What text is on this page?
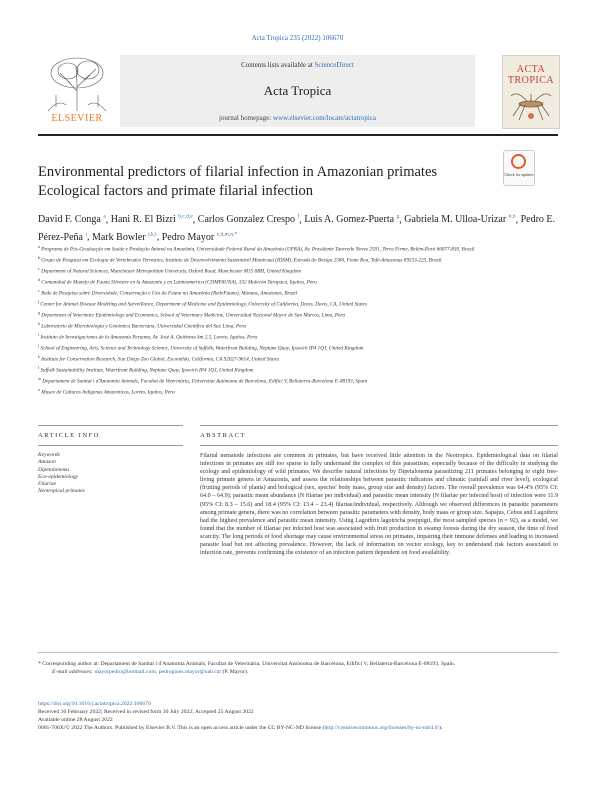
Acta Tropica 235 (2022) 106670
ELSEVIER
Contents lists available at ScienceDirect
Acta Tropica
journal homepage: www.elsevier.com/locate/actatropica
ACTA TROPICA
Environmental predictors of filarial infection in Amazonian primates
Ecological factors and primate filarial infection
Check for updates
David F. Conga $^a$, Hani R. El Bizri $^{b,c,d,e}$, Carlos Gonzalez Crespo $^f$, Luis A. Gomez-Puerta $^g$, Gabriela M. Ulloa-Urizar $^{h,b}$, Pedro E. Pérez-Peña $^i$, Mark Bowler $^{j,k,l}$, Pedro Mayor $^{c,d,m,n,*}$
$^a$ Programa de Pós-Graduação em Saúde e Produção Animal na Amazônia, Universidade Federal Rural da Amazônia (UFRA), Av. Presidente Tancredo Neves 2501, Terra Firme, Belém-Pará 66077-830, Brazil
$^b$ Grupo de Pesquisa em Ecologia de Vertebrados Terrestres, Instituto de Desenvolvimento Sustentável Mamirauá (IDSM), Estrada do Bexiga 2584, Fonte Boa, Tefé-Amazonas 69553-225, Brazil
$^c$ Department of Natural Sciences, Manchester Metropolitan University, Oxford Road, Manchester M15 6BH, United Kingdom
$^d$ Comunidad de Manejo de Fauna Silvestre en la Amazonía y en Latinoamérica (COMFAUNA), 332 Malecón Tarapacá, Iquitos, Peru
$^e$ Rede de Pesquisa sobre Diversidade, Conservação e Uso da Fauna na Amazônia (RedeFauna), Manaus, Amazonas, Brazil
$^f$ Center for Animal Disease Modeling and Surveillance, Department of Medicine and Epidemiology, University of California, Davis, Davis, CA, United States
$^g$ Department of Veterinary Epidemiology and Economics, School of Veterinary Medicine, Universidad Nacional Mayor de San Marcos, Lima, Peru
$^h$ Laboratorio de Microbiología y Genómica Bacteriana, Universidad Científica del Sur, Lima, Peru
$^i$ Instituto de Investigaciones de la Amazonía Peruana, Av. José A. Quiñones km 2.5, Loreto, Iquitos, Peru
$^j$ School of Engineering, Arts, Science and Technology Science, University of Suffolk, Waterfront Building, Neptune Quay, Ipswich IP4 1QJ, United Kingdom
$^k$ Institute for Conservation Research, San Diego Zoo Global, Escondido, California, CA 92027-9614, United States
$^l$ Suffolk Sustainability Institute, Waterfront Building, Neptune Quay, Ipswich IP4 1QJ, United Kingdom
$^m$ Departament de Sanitat i d'Anatomia Animals, Facultat de Veterinària, Universitat Autònoma de Barcelona, Edifici V, Bellaterra-Barcelona E-08193, Spain
$^n$ Museo de Culturas Indígenas Amazónicas, Loreto, Iquitos, Peru
ARTICLE INFO	ABSTRACT
Keywords
Amazon
Dipetalonema
Eco-epidemiology
Filariae
Neotropical primates
Filarial nematode infections are common in primates, but have received little attention in the Neotropics. Epidemiological data on filarial infections in primates are still too sparse to fully understand the complex of this parasitism, especially because of the difficulty in studying the ecology and epidemiology of wild primates. We describe natural infections by Dipetalonema parasitizing 211 primates belonging to eight free-living primate genera in Amazonia, and assess the relationships between parasitic indicators and climatic (rainfall and river level), ecological (fruiting periods of plants) and biological (sex, species' body mass, group size and density) factors. The overall prevalence was 64.4% (95% CI: 64.0 – 64.9); parasitic mean abundance (N filariae per individual) and parasitic mean intensity (N filariae per infected host) of infection were 11.9 (95% CI: 8.3 – 15.6) and 18.4 (95% CI: 13.4 – 23.4) filariae/individual, respectively. Although we observed differences in parasitic parameters among primate genera, there was no correlation between parasitic parameters with density, body mass or group size. Sapajus, Cebus and Lagothrix had the highest prevalence and parasitic mean intensity. Using Lagothrix lagotricha poeppigii, the most sampled species (n = 92), as a model, we found that the number of filariae per infected host was associated with fruit production in swamp forests during the dry season, the time of food scarcity. The long periods of food shortage may cause environmental stress on primates, impairing their immune defenses and leading to increased parasite load but not affecting prevalence. However, the lack of information on vector ecology, key to understand risk factors associated to infection rate, prevents confirming the existence of an infection pattern dependent on food availability.
* Corresponding author at: Departament de Sanitat i d'Anatomia Animals, Facultat de Veterinària, Universitat Autònoma de Barcelona, Edifici V, Bellaterra-Barcelona E-08193, Spain.
E-mail addresses: mayorpedro@hotmail.com, pedrogines.mayor@uab.cat (P. Mayor).
https://doi.org/10.1016/j.actatropica.2022.106670
Received 16 February 2022; Received in revised form 30 July 2022; Accepted 25 August 2022
Available online 28 August 2022
0001-706X/© 2022 The Authors. Published by Elsevier B.V. This is an open access article under the CC BY-NC-ND license (http://creativecommons.org/licenses/by-nc-nd/4.0/).
